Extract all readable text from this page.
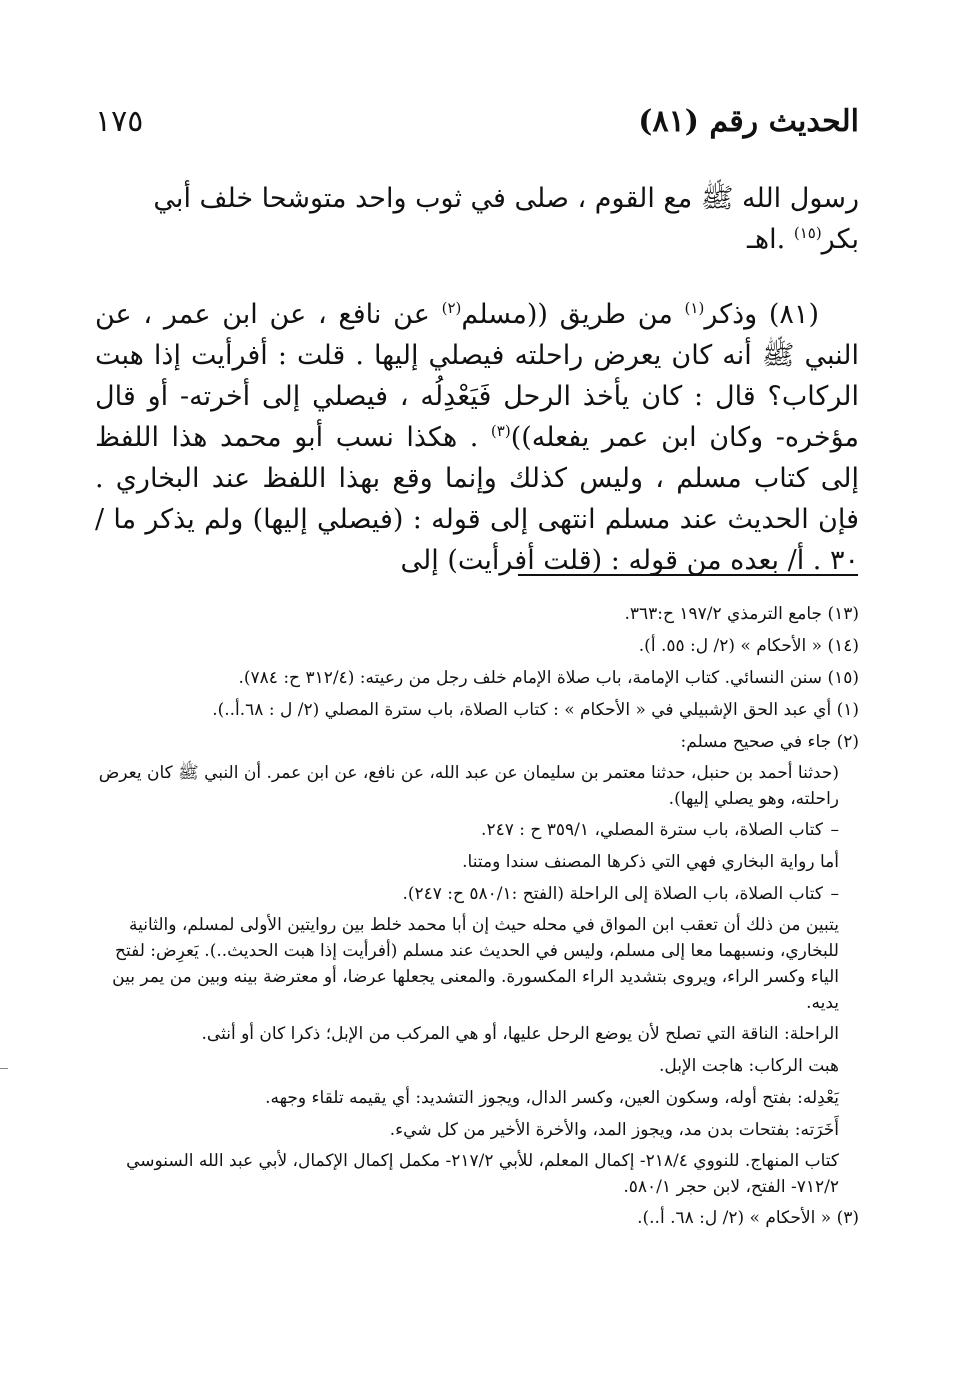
الحديث رقم (٨١)
١٧٥

رسول الله ﷺ مع القوم ، صلى في ثوب واحد متوشحا خلف أبي
بكر$^{(١٥)}$ .اهـ

(٨١) وذكر$^{(١)}$ من طريق ((مسلم$^{(٢)}$ عن نافع ، عن ابن عمر ، عن النبي ﷺ أنه كان يعرض راحلته فيصلي إليها . قلت : أفرأيت إذا هبت الركاب؟ قال : كان يأخذ الرحل فَيَعْدِلُه ، فيصلي إلى أخرته- أو قال مؤخره- وكان ابن عمر يفعله))$^{(٣)}$ . هكذا نسب أبو محمد هذا اللفظ إلى كتاب مسلم ، وليس كذلك وإنما وقع بهذا اللفظ عند البخاري . فإن الحديث عند مسلم انتهى إلى قوله : (فيصلي إليها) ولم يذكر ما /٣٠ . أ/ بعده من قوله : (قلت أفرأيت) إلى

(١٣) جامع الترمذي ١٩٧/٢ ح:٣٦٣.

(١٤) « الأحكام » (٢/ ل: ٥٥. أ).

(١٥) سنن النسائي. كتاب الإمامة، باب صلاة الإمام خلف رجل من رعيته: (٣١٢/٤ ح: ٧٨٤).

(١) أي عبد الحق الإشبيلي في « الأحكام » : كتاب الصلاة، باب سترة المصلي (٢/ ل : ٦٨.أ..).

(٢) جاء في صحيح مسلم:

(حدثنا أحمد بن حنبل، حدثنا معتمر بن سليمان عن عبد الله، عن نافع، عن ابن عمر. أن النبي ﷺ كان يعرض راحلته، وهو يصلي إليها).

–كتاب الصلاة، باب سترة المصلي، ٣٥٩/١ ح : ٢٤٧.

أما رواية البخاري فهي التي ذكرها المصنف سندا ومتنا.

–كتاب الصلاة، باب الصلاة إلى الراحلة (الفتح :٥٨٠/١ ح: ٢٤٧).

يتبين من ذلك أن تعقب ابن المواق في محله حيث إن أبا محمد خلط بين روايتين الأولى لمسلم، والثانية للبخاري، ونسبهما معا إلى مسلم، وليس في الحديث عند مسلم (أفرأيت إذا هبت الحديث..). يَعرِض: لفتح الياء وكسر الراء، ويروى بتشديد الراء المكسورة. والمعنى يجعلها عرضا، أو معترضة بينه وبين من يمر بين يديه.

الراحلة: الناقة التي تصلح لأن يوضع الرحل عليها، أو هي المركب من الإبل؛ ذكرا كان أو أنثى.

هبت الركاب: هاجت الإبل.

يَعْدِله: بفتح أوله، وسكون العين، وكسر الدال، ويجوز التشديد: أي يقيمه تلقاء وجهه.

أَخَرَته: بفتحات بدن مد، ويجوز المد، والأخرة الأخير من كل شيء.

كتاب المنهاج. للنووي ٢١٨/٤- إكمال المعلم، للأبي ٢١٧/٢- مكمل إكمال الإكمال، لأبي عبد الله السنوسي ٧١٢/٢- الفتح، لابن حجر ٥٨٠/١.

(٣) « الأحكام » (٢/ ل: ٦٨. أ..).
